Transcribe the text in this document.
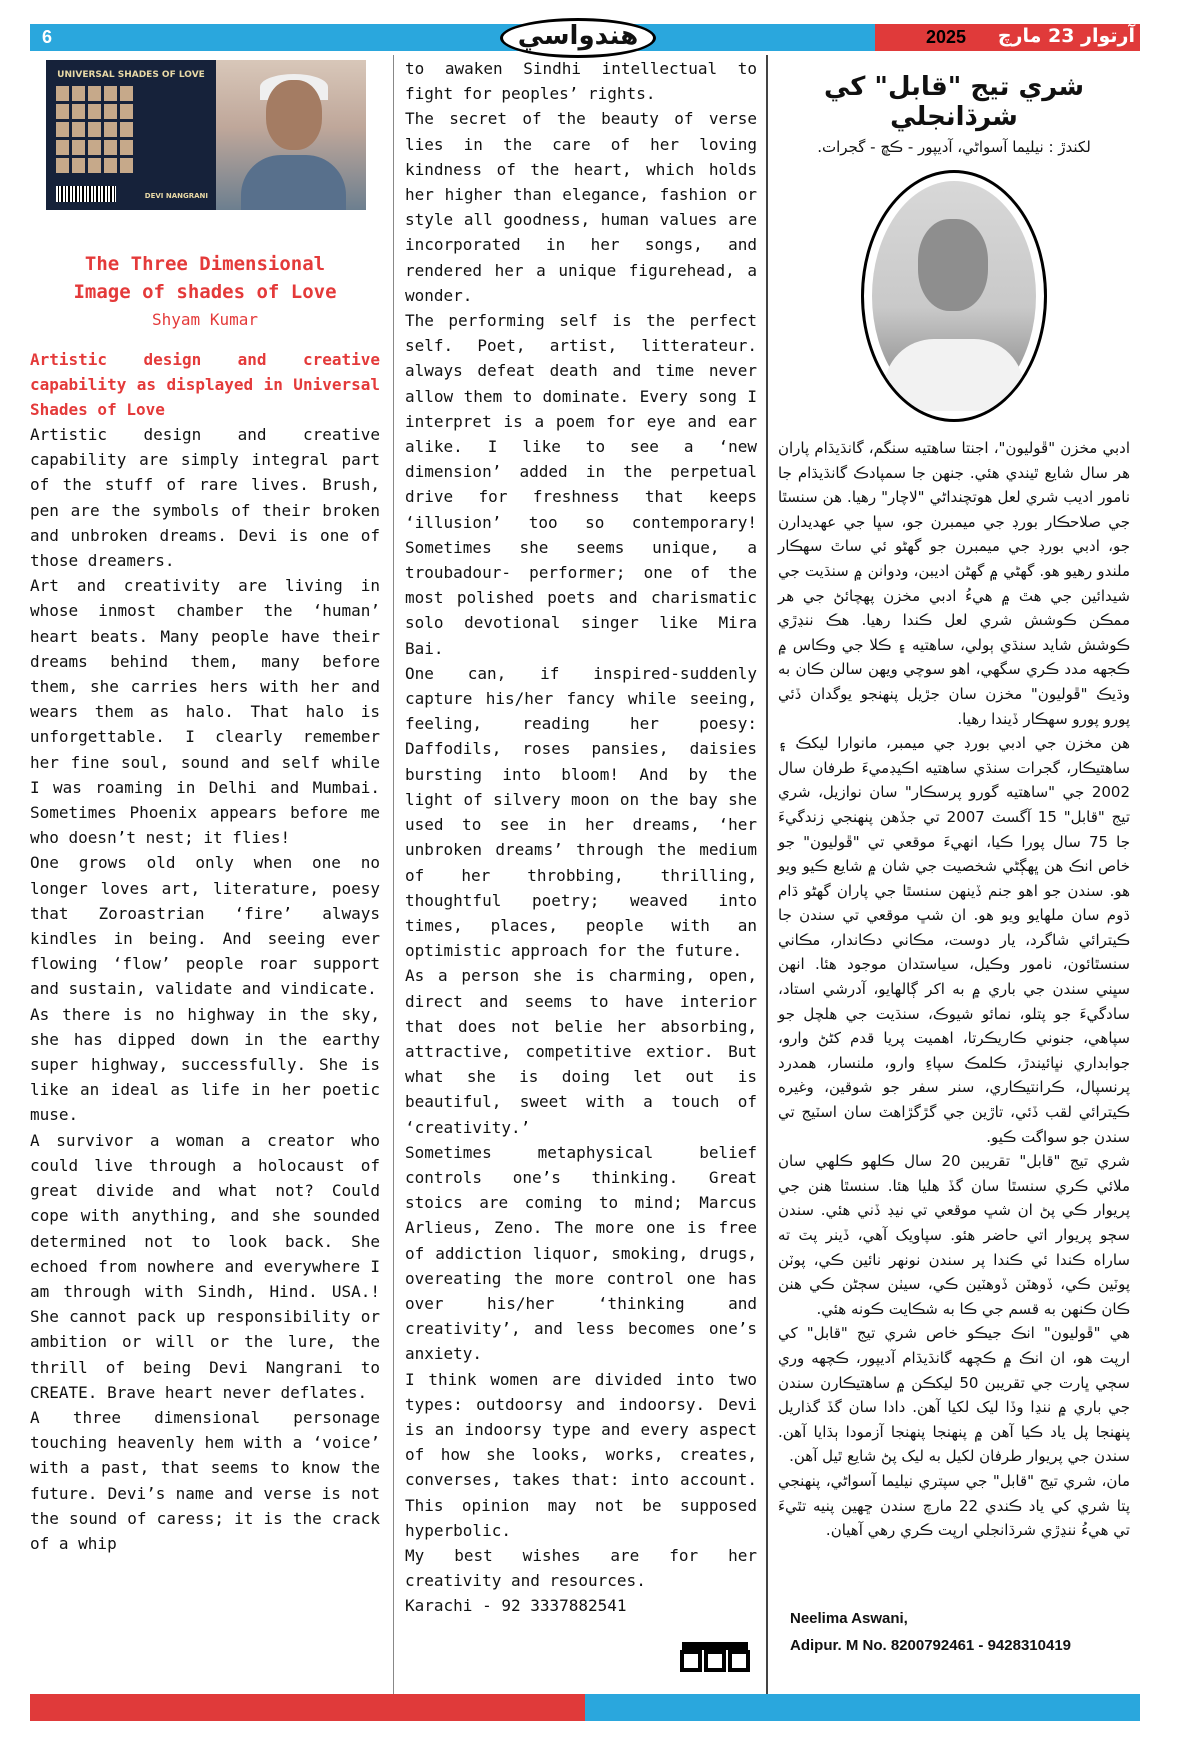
6	هندواسي	2025	آرتوار 23 مارچ
UNIVERSAL SHADES OF LOVE
DEVI NANGRANI

The Three Dimensional

Image of shades of Love

Shyam Kumar

Artistic design and creative capability as displayed in Universal Shades of Love

Artistic design and creative capability are simply integral part of the stuff of rare lives. Brush, pen are the symbols of their broken and unbroken dreams. Devi is one of those dreamers.

Art and creativity are living in whose inmost chamber the ‘human’ heart beats. Many people have their dreams behind them, many before them, she carries hers with her and wears them as halo. That halo is unforgettable. I clearly remember her fine soul, sound and self while I was roaming in Delhi and Mumbai. Sometimes Phoenix appears before me who doesn’t nest; it flies!

One grows old only when one no longer loves art, literature, poesy that Zoroastrian ‘fire’ always kindles in being. And seeing ever flowing ‘flow’ people roar support and sustain, validate and vindicate.

As there is no highway in the sky, she has dipped down in the earthy super highway, successfully. She is like an ideal as life in her poetic muse.

A survivor a woman a creator who could live through a holocaust of great divide and what not? Could cope with anything, and she sounded determined not to look back. She echoed from nowhere and everywhere I am through with Sindh, Hind. USA.! She cannot pack up responsibility or ambition or will or the lure, the thrill of being Devi Nangrani to CREATE. Brave heart never deflates.

A three dimensional personage touching heavenly hem with a ‘voice’ with a past, that seems to know the future. Devi’s name and verse is not the sound of caress; it is the crack of a whip

to awaken Sindhi intellectual to fight for peoples’ rights.

The secret of the beauty of verse lies in the care of her loving kindness of the heart, which holds her higher than elegance, fashion or style all goodness, human values are incorporated in her songs, and rendered her a unique figurehead, a wonder.

The performing self is the perfect self. Poet, artist, litterateur. always defeat death and time never allow them to dominate. Every song I interpret is a poem for eye and ear alike. I like to see a ‘new dimension’ added in the perpetual drive for freshness that keeps ‘illusion’ too so contemporary! Sometimes she seems unique, a troubadour- performer; one of the most polished poets and charismatic solo devotional singer like Mira Bai.

One can, if inspired-suddenly capture his/her fancy while seeing, feeling, reading her poesy: Daffodils, roses pansies, daisies bursting into bloom! And by the light of silvery moon on the bay she used to see in her dreams, ‘her unbroken dreams’ through the medium of her throbbing, thrilling, thoughtful poetry; weaved into times, places, people with an optimistic approach for the future.

As a person she is charming, open, direct and seems to have interior that does not belie her absorbing, attractive, competitive extior. But what she is doing let out is beautiful, sweet with a touch of ‘creativity.’

Sometimes metaphysical belief controls one’s thinking. Great stoics are coming to mind; Marcus Arlieus, Zeno. The more one is free of addiction liquor, smoking, drugs, overeating the more control one has over his/her ‘thinking and creativity’, and less becomes one’s anxiety.

I think women are divided into two types: outdoorsy and indoorsy. Devi is an indoorsy type and every aspect of how she looks, works, creates, converses, takes that: into account. This opinion may not be supposed hyperbolic.

My best wishes are for her creativity and resources.

Karachi - 92 3337882541

شري تيج "قابل" کي شرڌانجلي
لکندڙ : نيليما آسواڻي، آديپور - ڪڇ - گجرات.

ادبي مخزن "ڦوليون"، اجنتا ساهتيه سنگم، گانڌيڌام پاران هر سال شايع ٿيندي هئي. جنهن جا سمپادڪ گانڌيڌام جا نامور اديب شري لعل هوتچنداڻي "لاچار" رهيا. هن سنسٿا جي صلاحڪار بورڊ جي ميمبرن جو، سڀا جي عهديدارن جو، ادبي بورڊ جي ميمبرن جو گهڻو ئي ساٿ سهڪار ملندو رهيو هو. گهڻي ۾ گهڻن اديبن، ودوانن ۾ سنڌيت جي شيدائين جي هٿ ۾ هيءُ ادبي مخزن پهچائڻ جي هر ممڪن ڪوشش شري لعل ڪندا رهيا. هڪ ننڍڙي ڪوشش شايد سنڌي ٻولي، ساهتيه ۽ ڪلا جي وڪاس ۾ ڪجهه مدد ڪري سگهي، اهو سوچي ويهن سالن ڪان به وڌيڪ "ڦوليون" مخزن سان جڙيل پنهنجو يوگدان ڏئي پورو پورو سهڪار ڏيندا رهيا.

هن مخزن جي ادبي بورڊ جي ميمبر، مانوارا ليکڪ ۽ ساهتيڪار، گجرات سنڌي ساهتيه اڪيڊميءَ طرفان سال 2002 جي "ساهتيه گورو پرسڪار" سان نوازيل، شري تيج "قابل" 15 آگسٽ 2007 تي جڏهن پنهنجي زندگيءَ جا 75 سال پورا ڪيا، انهيءَ موقعي تي "ڦوليون" جو خاص انڪ هن ڀهڳڻي شخصيت جي شان ۾ شايع ڪيو ويو هو. سندن جو اهو جنم ڏينهن سنسٿا جي پاران گهڻو ڌام ڌوم سان ملهايو ويو هو. ان شڀ موقعي تي سندن جا ڪيترائي شاگرد، يار دوست، مڪاني دڪاندار، مڪاني سنسٿائون، نامور وڪيل، سياستدان موجود هئا. انهن سڀني سندن جي باري ۾ به اکر ڳالهايو، آدرشي استاد، سادگيءَ جو پتلو، نمائو شيوڪ، سنڌيت جي هلچل جو سپاهي، جنوني ڪاريڪرتا، اهميت پريا قدم کڻڻ وارو، جوابداري نڀائيندڙ، ڪلمڪ سپاءِ وارو، ملنسار، همدرد پرنسپال، ڪرانتيڪاري، سنر سفر جو شوقين، وغيره ڪيترائي لقب ڏئي، تاڙين جي گڙگڙاهٽ سان اسٽيج تي سندن جو سواگت ڪيو.

شري تيج "قابل" تقريبن 20 سال ڪلهو ڪلهي سان ملائي ڪري سنسٿا سان گڏ هليا هئا. سنسٿا هنن جي پريوار ڪي پڻ ان شڀ موقعي تي نيڊ ڏني هئي. سندن سڄو پريوار اتي حاضر هئو. سپاويک آهي، ڏينر پٽ ته ساراه ڪندا ئي ڪندا پر سندن نونهر نائين ڪي، پوٽن پوٽين ڪي، ڏوهٽن ڏوهٽين ڪي، سيٺن سڄڻن ڪي هنن ڪان ڪنهن به قسم جي ڪا به شڪايت ڪونه هئي.

هي "ڦوليون" انڪ جيڪو خاص شري تيج "قابل" کي ارپت هو، ان انڪ ۾ ڪچهه گانڌيڌام آديپور، ڪچهه وري سڄي ڀارت جي تقريبن 50 ليکڪن ۾ ساهتيڪارن سندن جي باري ۾ ننڍا وڏا ليک لکيا آهن. دادا سان گڏ گذاريل پنهنجا پل ياد ڪيا آهن ۾ پنهنجا پنهنجا آزمودا ٻڌايا آهن. سندن جي پريوار طرفان لکيل به ليک پڻ شايع ٿيل آهن.

مان، شري تيج "قابل" جي سپتري نيليما آسواڻي، پنهنجي پتا شري کي ياد ڪندي 22 مارچ سندن ڇهين پنيه تٿيءَ تي هيءُ ننڍڙي شرڌانجلي ارپت ڪري رهي آهيان.

Neelima Aswani,
Adipur. M No. 8200792461 - 9428310419
